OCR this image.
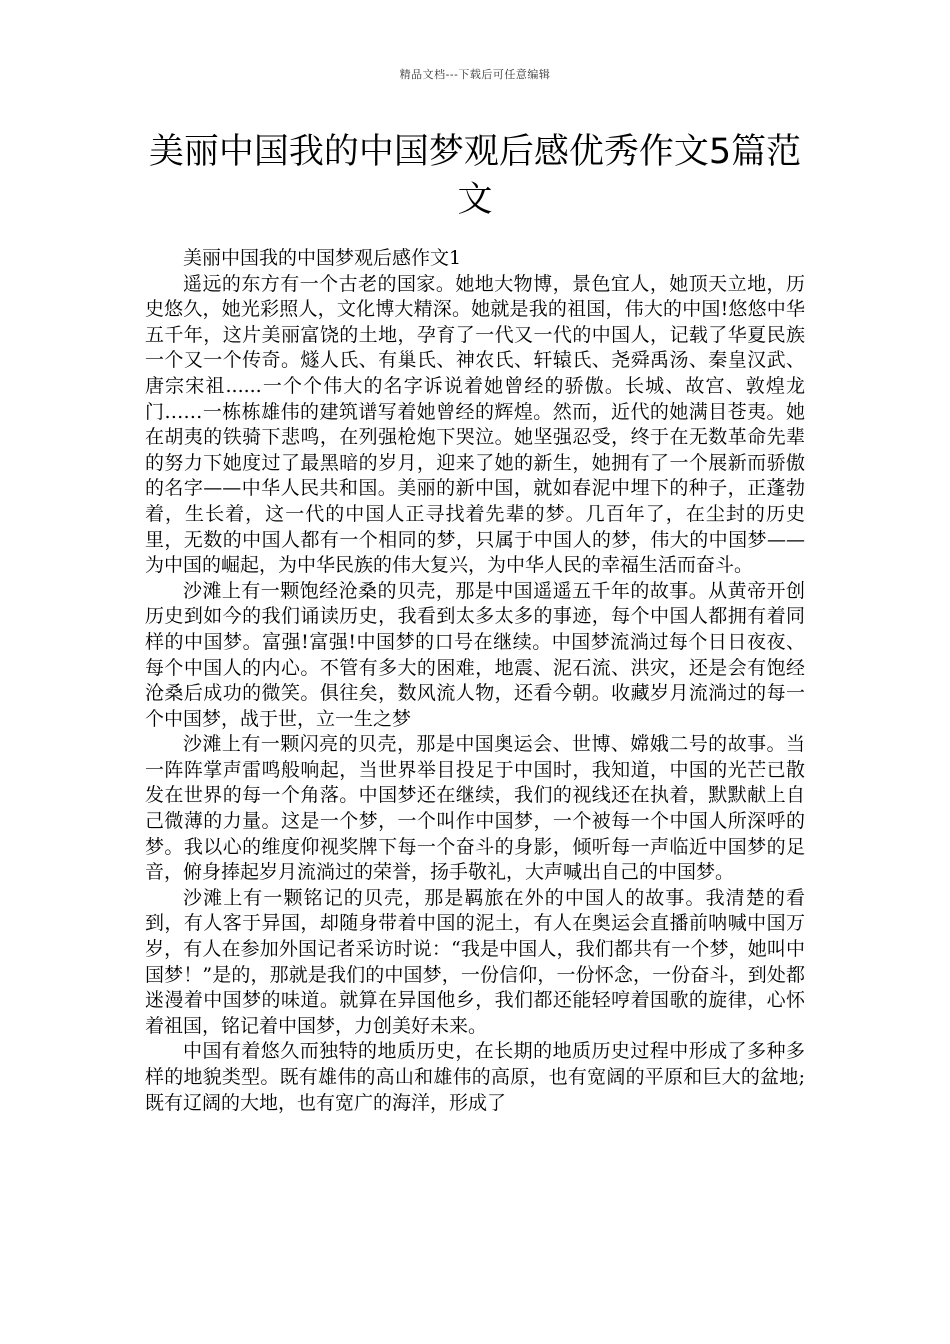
精品文档---下载后可任意编辑
美丽中国我的中国梦观后感优秀作文5篇范文

美丽中国我的中国梦观后感作文1

遥远的东方有一个古老的国家。她地大物博，景色宜人，她顶天立地，历史悠久，她光彩照人，文化博大精深。她就是我的祖国，伟大的中国!悠悠中华五千年，这片美丽富饶的土地，孕育了一代又一代的中国人，记载了华夏民族一个又一个传奇。燧人氏、有巢氏、神农氏、轩辕氏、尧舜禹汤、秦皇汉武、唐宗宋祖......一个个伟大的名字诉说着她曾经的骄傲。长城、故宫、敦煌龙门……一栋栋雄伟的建筑谱写着她曾经的辉煌。然而，近代的她满目苍夷。她在胡夷的铁骑下悲鸣，在列强枪炮下哭泣。她坚强忍受，终于在无数革命先辈的努力下她度过了最黑暗的岁月，迎来了她的新生，她拥有了一个展新而骄傲的名字——中华人民共和国。美丽的新中国，就如春泥中埋下的种子，正蓬勃着，生长着，这一代的中国人正寻找着先辈的梦。几百年了，在尘封的历史里，无数的中国人都有一个相同的梦，只属于中国人的梦，伟大的中国梦——为中国的崛起，为中华民族的伟大复兴，为中华人民的幸福生活而奋斗。

沙滩上有一颗饱经沧桑的贝壳，那是中国遥遥五千年的故事。从黄帝开创历史到如今的我们诵读历史，我看到太多太多的事迹，每个中国人都拥有着同样的中国梦。富强!富强!中国梦的口号在继续。中国梦流淌过每个日日夜夜、每个中国人的内心。不管有多大的困难，地震、泥石流、洪灾，还是会有饱经沧桑后成功的微笑。俱往矣，数风流人物，还看今朝。收藏岁月流淌过的每一个中国梦，战于世，立一生之梦

沙滩上有一颗闪亮的贝壳，那是中国奥运会、世博、嫦娥二号的故事。当一阵阵掌声雷鸣般响起，当世界举目投足于中国时，我知道，中国的光芒已散发在世界的每一个角落。中国梦还在继续，我们的视线还在执着，默默献上自己微薄的力量。这是一个梦，一个叫作中国梦，一个被每一个中国人所深呼的梦。我以心的维度仰视奖牌下每一个奋斗的身影，倾听每一声临近中国梦的足音，俯身捧起岁月流淌过的荣誉，扬手敬礼，大声喊出自己的中国梦。

沙滩上有一颗铭记的贝壳，那是羁旅在外的中国人的故事。我清楚的看到，有人客于异国，却随身带着中国的泥土，有人在奥运会直播前呐喊中国万岁，有人在参加外国记者采访时说：“我是中国人，我们都共有一个梦，她叫中国梦！”是的，那就是我们的中国梦，一份信仰，一份怀念，一份奋斗，到处都迷漫着中国梦的味道。就算在异国他乡，我们都还能轻哼着国歌的旋律，心怀着祖国，铭记着中国梦，力创美好未来。

中国有着悠久而独特的地质历史，在长期的地质历史过程中形成了多种多样的地貌类型。既有雄伟的高山和雄伟的高原，也有宽阔的平原和巨大的盆地;既有辽阔的大地，也有宽广的海洋，形成了
